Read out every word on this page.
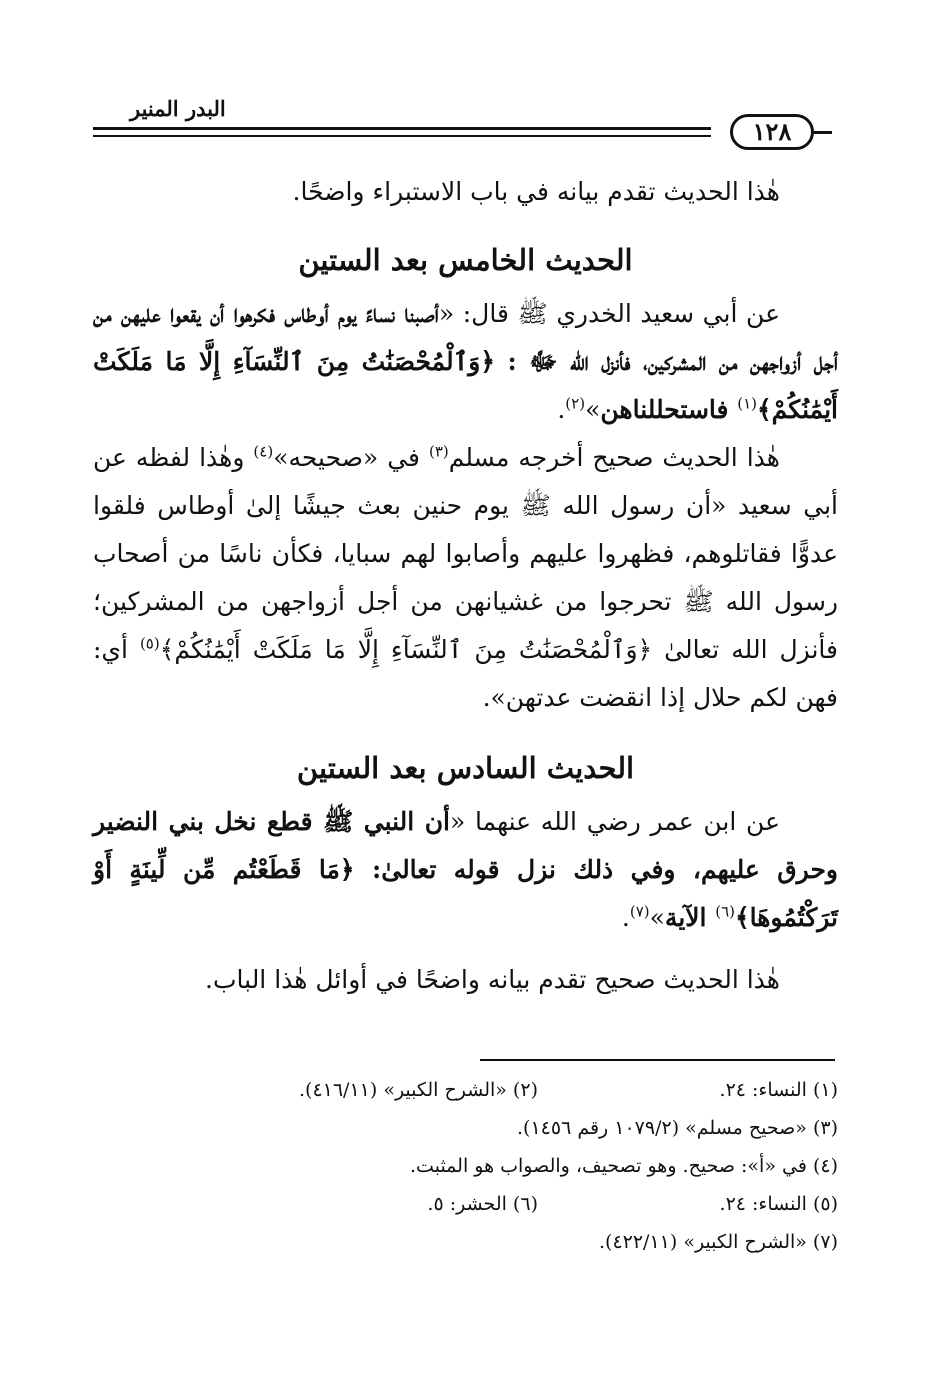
البدر المنير
١٢٨

هٰذا الحديث تقدم بيانه في باب الاستبراء واضحًا.

الحديث الخامس بعد الستين

عن أبي سعيد الخدري ﷺ قال: «أصبنا نساءً يوم أوطاس فكرهوا أن يقعوا عليهن من أجل أزواجهن من المشركين، فأنزل الله ﷻ : ﴿وَٱلْمُحْصَنَٰتُ مِنَ ٱلنِّسَآءِ إِلَّا مَا مَلَكَتْ أَيْمَٰنُكُمْ﴾$^{(١)}$ فاستحللناهن»$^{(٢)}$.

هٰذا الحديث صحيح أخرجه مسلم$^{(٣)}$ في «صحيحه»$^{(٤)}$ وهٰذا لفظه عن أبي سعيد «أن رسول الله ﷺ يوم حنين بعث جيشًا إلىٰ أوطاس فلقوا عدوًّا فقاتلوهم، فظهروا عليهم وأصابوا لهم سبايا، فكأن ناسًا من أصحاب رسول الله ﷺ تحرجوا من غشيانهن من أجل أزواجهن من المشركين؛ فأنزل الله تعالىٰ ﴿وَٱلْمُحْصَنَٰتُ مِنَ ٱلنِّسَآءِ إِلَّا مَا مَلَكَتْ أَيْمَٰنُكُمْ﴾$^{(٥)}$ أي: فهن لكم حلال إذا انقضت عدتهن».

الحديث السادس بعد الستين

عن ابن عمر رضي الله عنهما «أن النبي ﷺ قطع نخل بني النضير وحرق عليهم، وفي ذلك نزل قوله تعالىٰ: ﴿مَا قَطَعْتُم مِّن لِّينَةٍ أَوْ تَرَكْتُمُوهَا﴾$^{(٦)}$ الآية»$^{(٧)}$.

هٰذا الحديث صحيح تقدم بيانه واضحًا في أوائل هٰذا الباب.

(١) النساء: ٢٤.
(٢) «الشرح الكبير» (٤١٦/١١).
(٣) «صحيح مسلم» (١٠٧٩/٢ رقم ١٤٥٦).
(٤) في «أ»: صحيح. وهو تصحيف، والصواب هو المثبت.
(٥) النساء: ٢٤.
(٦) الحشر: ٥.
(٧) «الشرح الكبير» (٤٢٢/١١).
